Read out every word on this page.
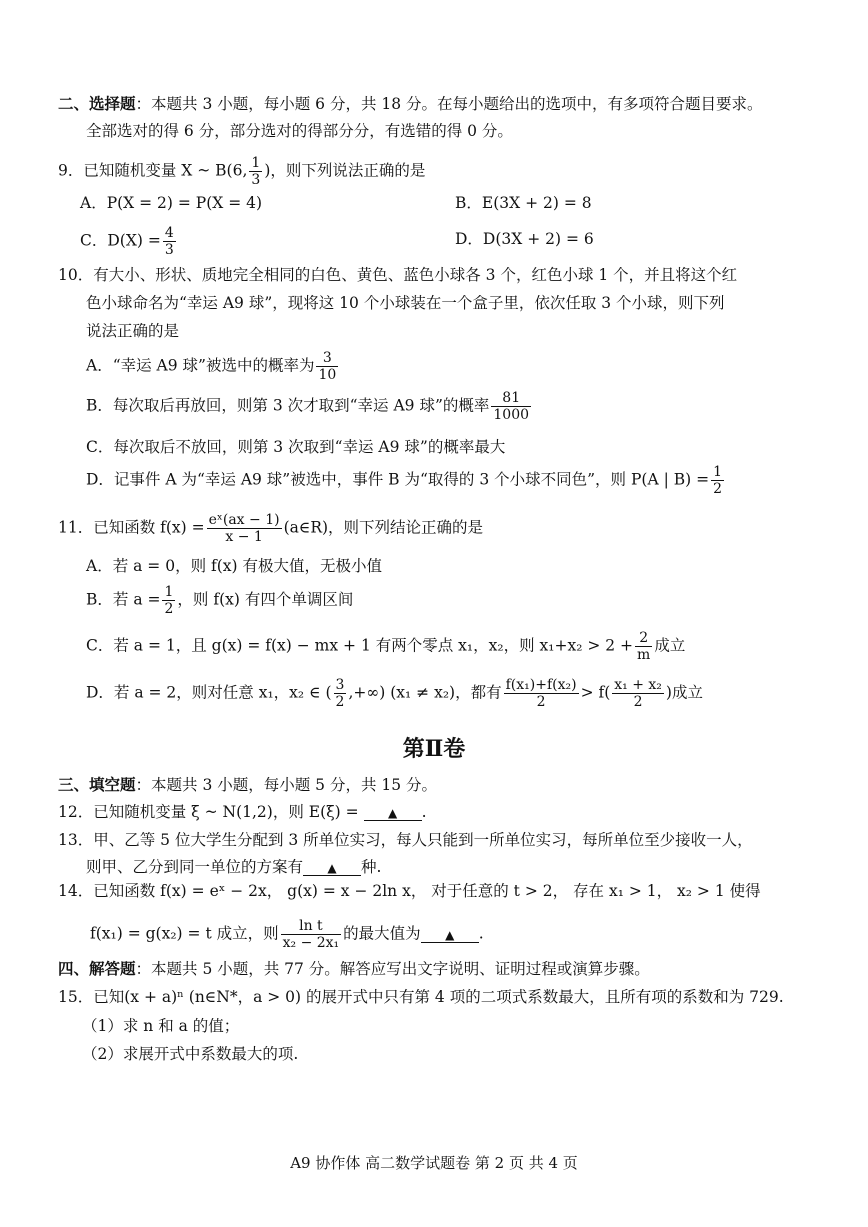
二、选择题：本题共 3 小题，每小题 6 分，共 18 分。在每小题给出的选项中，有多项符合题目要求。
全部选对的得 6 分，部分选对的得部分分，有选错的得 0 分。
9．已知随机变量 X ~ B(6, $\frac{1}{3}$ )，则下列说法正确的是
A．P(X = 2) = P(X = 4)	B．E(3X + 2) = 8
C．$D(X) = \frac{4}{3}$	D．D(3X + 2) = 6
10．有大小、形状、质地完全相同的白色、黄色、蓝色小球各 3 个，红色小球 1 个，并且将这个红
色小球命名为“幸运 A9 球”，现将这 10 个小球装在一个盒子里，依次任取 3 个小球，则下列
说法正确的是
A．“幸运 A9 球”被选中的概率为 $\frac{3}{10}$
B．每次取后再放回，则第 3 次才取到“幸运 A9 球”的概率 $\frac{81}{1000}$
C．每次取后不放回，则第 3 次取到“幸运 A9 球”的概率最大
D．记事件 A 为“幸运 A9 球”被选中，事件 B 为“取得的 3 个小球不同色”，则 P(A | $B) = \frac{1}{2}$
11．已知函数 $f(x) = \frac{\text{eˣ(ax − 1)}}{x - 1}$ (a∈R)，则下列结论正确的是
A．若 a = 0，则 f(x) 有极大值，无极小值
B．若 $a = \frac{1}{2}$ ，则 f(x) 有四个单调区间
C．若 a = 1，且 g(x) = f(x) − mx + 1 有两个零点 x₁，x₂，则 $x_1+x_2 > 2 + \frac{2}{m}$ 成立
D．若 a = 2，则对任意 x₁，x₂ ∈ ( $\frac{3}{2}$ ,+∞) (x₁ ≠ x₂)，都有 $\frac{\text{f(x₁)+f(x₂)}}{2} > f( \frac{\text{x₁ + x₂}}{2}$ )成立
第Ⅱ卷
三、填空题：本题共 3 小题，每小题 5 分，共 15 分。
12．已知随机变量 ξ ~ N(1,2)，则 E(ξ) = ▲ .
13．甲、乙等 5 位大学生分配到 3 所单位实习，每人只能到一所单位实习，每所单位至少接收一人，
则甲、乙分到同一单位的方案有 ▲ 种.
14．已知函数 f(x) = eˣ − 2x， g(x) = x − 2ln x， 对于任意的 t > 2， 存在 x₁ > 1， x₂ > 1 使得
f(x₁) = g(x₂) = t 成立，则 $\frac{\text{ln t}}{\text{x₂ − 2x₁}}$ 的最大值为 ▲ .
四、解答题：本题共 5 小题，共 77 分。解答应写出文字说明、证明过程或演算步骤。
15．已知(x + a)ⁿ (n∈N*，a > 0) 的展开式中只有第 4 项的二项式系数最大，且所有项的系数和为 729.
（1）求 n 和 a 的值；
（2）求展开式中系数最大的项.
A9 协作体 高二数学试题卷 第 2 页 共 4 页
